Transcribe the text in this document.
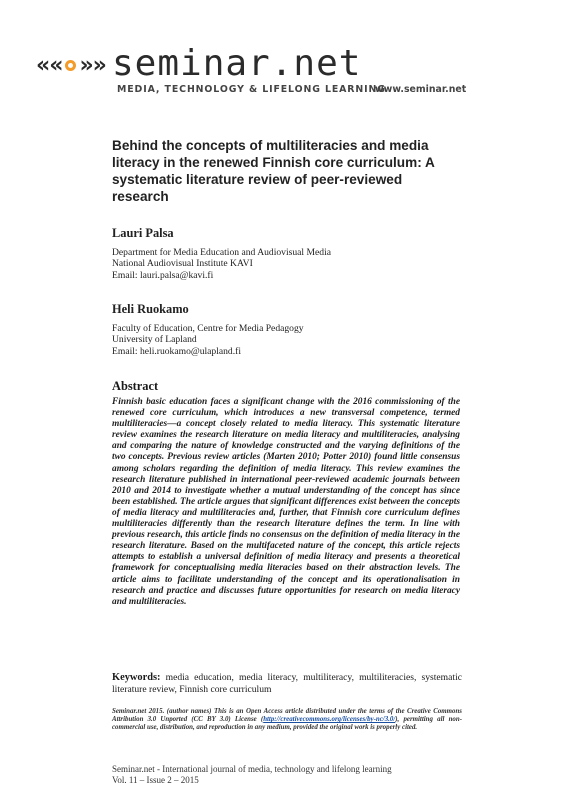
«« »» seminar.net
MEDIA, TECHNOLOGY & LIFELONG LEARNING
www.seminar.net
Behind the concepts of multiliteracies and media literacy in the renewed Finnish core curriculum: A systematic literature review of peer-reviewed research
Lauri Palsa
Department for Media Education and Audiovisual Media
National Audiovisual Institute KAVI
Email: lauri.palsa@kavi.fi
Heli Ruokamo
Faculty of Education, Centre for Media Pedagogy
University of Lapland
Email: heli.ruokamo@ulapland.fi
Abstract
Finnish basic education faces a significant change with the 2016 commissioning of the renewed core curriculum, which introduces a new transversal competence, termed multiliteracies—a concept closely related to media literacy. This systematic literature review examines the research literature on media literacy and multiliteracies, analysing and comparing the nature of knowledge constructed and the varying definitions of the two concepts. Previous review articles (Marten 2010; Potter 2010) found little consensus among scholars regarding the definition of media literacy. This review examines the research literature published in international peer-reviewed academic journals between 2010 and 2014 to investigate whether a mutual understanding of the concept has since been established. The article argues that significant differences exist between the concepts of media literacy and multiliteracies and, further, that Finnish core curriculum defines multiliteracies differently than the research literature defines the term. In line with previous research, this article finds no consensus on the definition of media literacy in the research literature. Based on the multifaceted nature of the concept, this article rejects attempts to establish a universal definition of media literacy and presents a theoretical framework for conceptualising media literacies based on their abstraction levels. The article aims to facilitate understanding of the concept and its operationalisation in research and practice and discusses future opportunities for research on media literacy and multiliteracies.
Keywords: media education, media literacy, multiliteracy, multiliteracies, systematic literature review, Finnish core curriculum
Seminar.net 2015. (author names) This is an Open Access article distributed under the terms of the Creative Commons Attribution 3.0 Unported (CC BY 3.0) License (http://creativecommons.org/licenses/by-nc/3.0/), permitting all non-commercial use, distribution, and reproduction in any medium, provided the original work is properly cited.
Seminar.net - International journal of media, technology and lifelong learning
Vol. 11 – Issue 2 – 2015
